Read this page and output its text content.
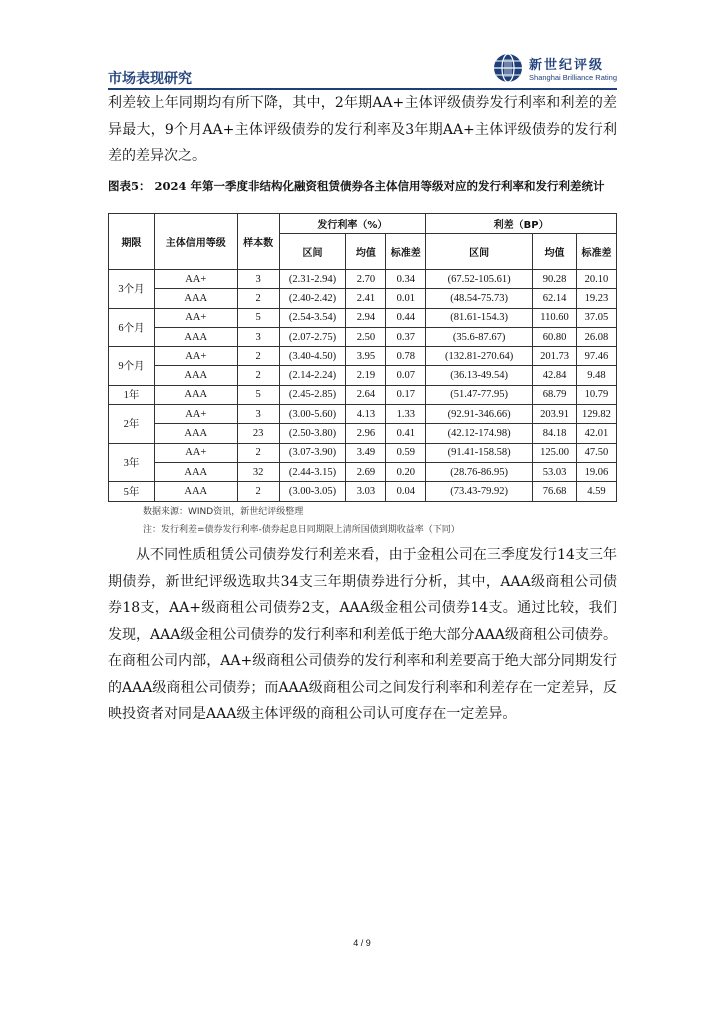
市场表现研究
新世纪评级
Shanghai Brilliance Rating
利差较上年同期均有所下降，其中，2年期AA+主体评级债券发行利率和利差的差异最大，9个月AA+主体评级债券的发行利率及3年期AA+主体评级债券的发行利差的差异次之。
图表5： 2024 年第一季度非结构化融资租赁债券各主体信用等级对应的发行利率和发行利差统计
期限	主体信用等级	样本数	发行利率（%）			利差（BP）		
			区间	均值	标准差	区间	均值	标准差
3个月	AA+	3	(2.31-2.94)	2.70	0.34	(67.52-105.61)	90.28	20.10
	AAA	2	(2.40-2.42)	2.41	0.01	(48.54-75.73)	62.14	19.23
6个月	AA+	5	(2.54-3.54)	2.94	0.44	(81.61-154.3)	110.60	37.05
	AAA	3	(2.07-2.75)	2.50	0.37	(35.6-87.67)	60.80	26.08
9个月	AA+	2	(3.40-4.50)	3.95	0.78	(132.81-270.64)	201.73	97.46
	AAA	2	(2.14-2.24)	2.19	0.07	(36.13-49.54)	42.84	9.48
1年	AAA	5	(2.45-2.85)	2.64	0.17	(51.47-77.95)	68.79	10.79
2年	AA+	3	(3.00-5.60)	4.13	1.33	(92.91-346.66)	203.91	129.82
	AAA	23	(2.50-3.80)	2.96	0.41	(42.12-174.98)	84.18	42.01
3年	AA+	2	(3.07-3.90)	3.49	0.59	(91.41-158.58)	125.00	47.50
	AAA	32	(2.44-3.15)	2.69	0.20	(28.76-86.95)	53.03	19.06
5年	AAA	2	(3.00-3.05)	3.03	0.04	(73.43-79.92)	76.68	4.59
数据来源：WIND资讯，新世纪评级整理
注：发行利差=债券发行利率-债券起息日同期限上清所国债到期收益率（下同）
从不同性质租赁公司债券发行利差来看，由于金租公司在三季度发行14支三年期债券，新世纪评级选取共34支三年期债券进行分析，其中，AAA级商租公司债券18支，AA+级商租公司债券2支，AAA级金租公司债券14支。通过比较，我们发现，AAA级金租公司债券的发行利率和利差低于绝大部分AAA级商租公司债券。在商租公司内部，AA+级商租公司债券的发行利率和利差要高于绝大部分同期发行的AAA级商租公司债券；而AAA级商租公司之间发行利率和利差存在一定差异，反映投资者对同是AAA级主体评级的商租公司认可度存在一定差异。
4 / 9
